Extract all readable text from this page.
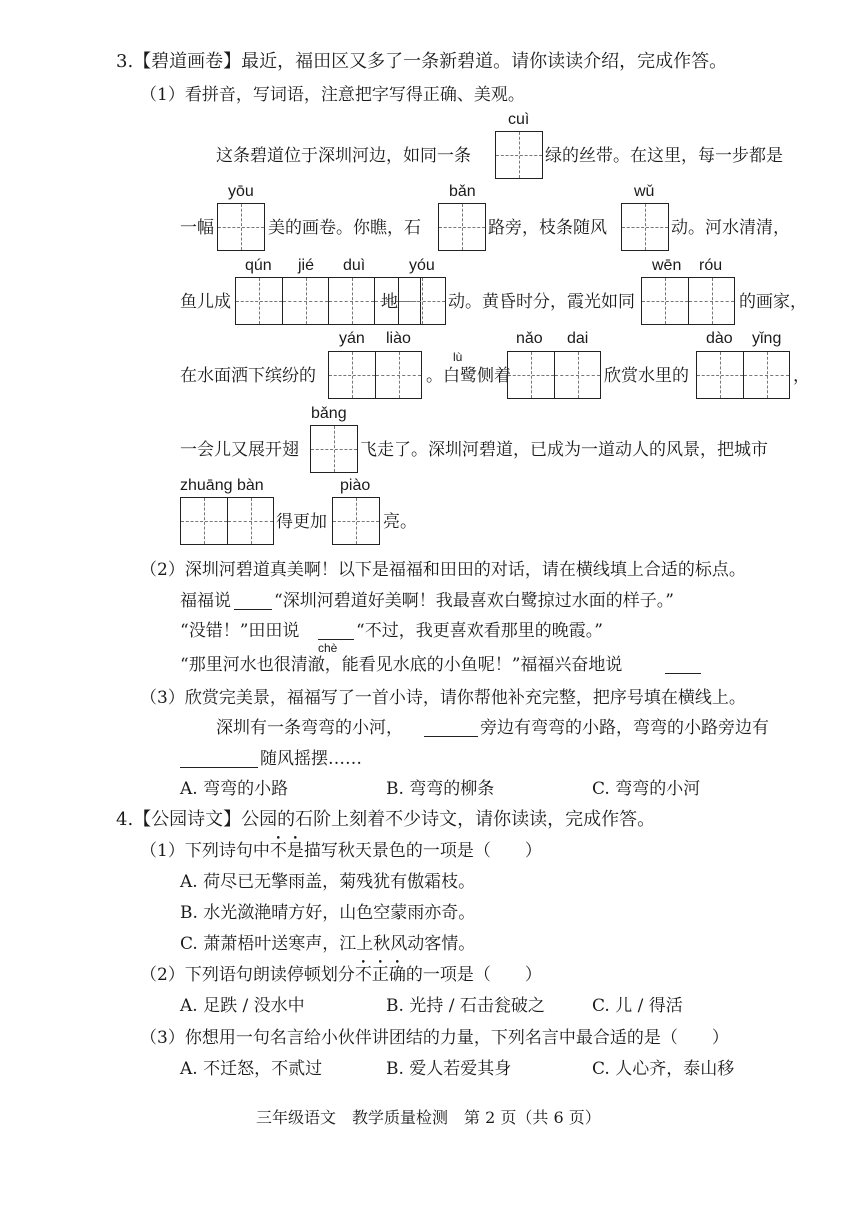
3.【碧道画卷】最近，福田区又多了一条新碧道。请你读读介绍，完成作答。
（1）看拼音，写词语，注意把字写得正确、美观。
cuì
这条碧道位于深圳河边，如同一条	绿的丝带。在这里，每一步都是
yōu	bǎn	wǔ
一幅	美的画卷。你瞧，石	路旁，枝条随风	动。河水清清，
qún jié duì	yóu	wēn róu
鱼儿成	地	动。黄昏时分，霞光如同	的画家，
yán liào
lù
nǎo dai	dào yǐng
在水面洒下缤纷的	。白鹭侧着	欣赏水里的	，
bǎng
一会儿又展开翅	飞走了。深圳河碧道，已成为一道动人的风景，把城市
zhuāng bàn	piào
得更加	亮。
（2）深圳河碧道真美啊！以下是福福和田田的对话，请在横线填上合适的标点。
福福说	“深圳河碧道好美啊！我最喜欢白鹭掠过水面的样子。”
“没错！”田田说	“不过，我更喜欢看那里的晚霞。”
chè
“那里河水也很清澈，能看见水底的小鱼呢！”福福兴奋地说
（3）欣赏完美景，福福写了一首小诗，请你帮他补充完整，把序号填在横线上。
深圳有一条弯弯的小河，	旁边有弯弯的小路，弯弯的小路旁边有
随风摇摆……
A. 弯弯的小路	B. 弯弯的柳条	C. 弯弯的小河
4.【公园诗文】公园的石阶上刻着不少诗文，请你读读，完成作答。
（1）下列诗句中不是描写秋天景色的一项是（　　）
A. 荷尽已无擎雨盖，菊残犹有傲霜枝。
B. 水光潋滟晴方好，山色空蒙雨亦奇。
C. 萧萧梧叶送寒声，江上秋风动客情。
（2）下列语句朗读停顿划分不正确的一项是（　　）
A. 足跌 / 没水中	B. 光持 / 石击瓮破之	C. 儿 / 得活
（3）你想用一句名言给小伙伴讲团结的力量，下列名言中最合适的是（　　）
A. 不迁怒，不贰过	B. 爱人若爱其身	C. 人心齐，泰山移
三年级语文　教学质量检测　第 2 页（共 6 页）
